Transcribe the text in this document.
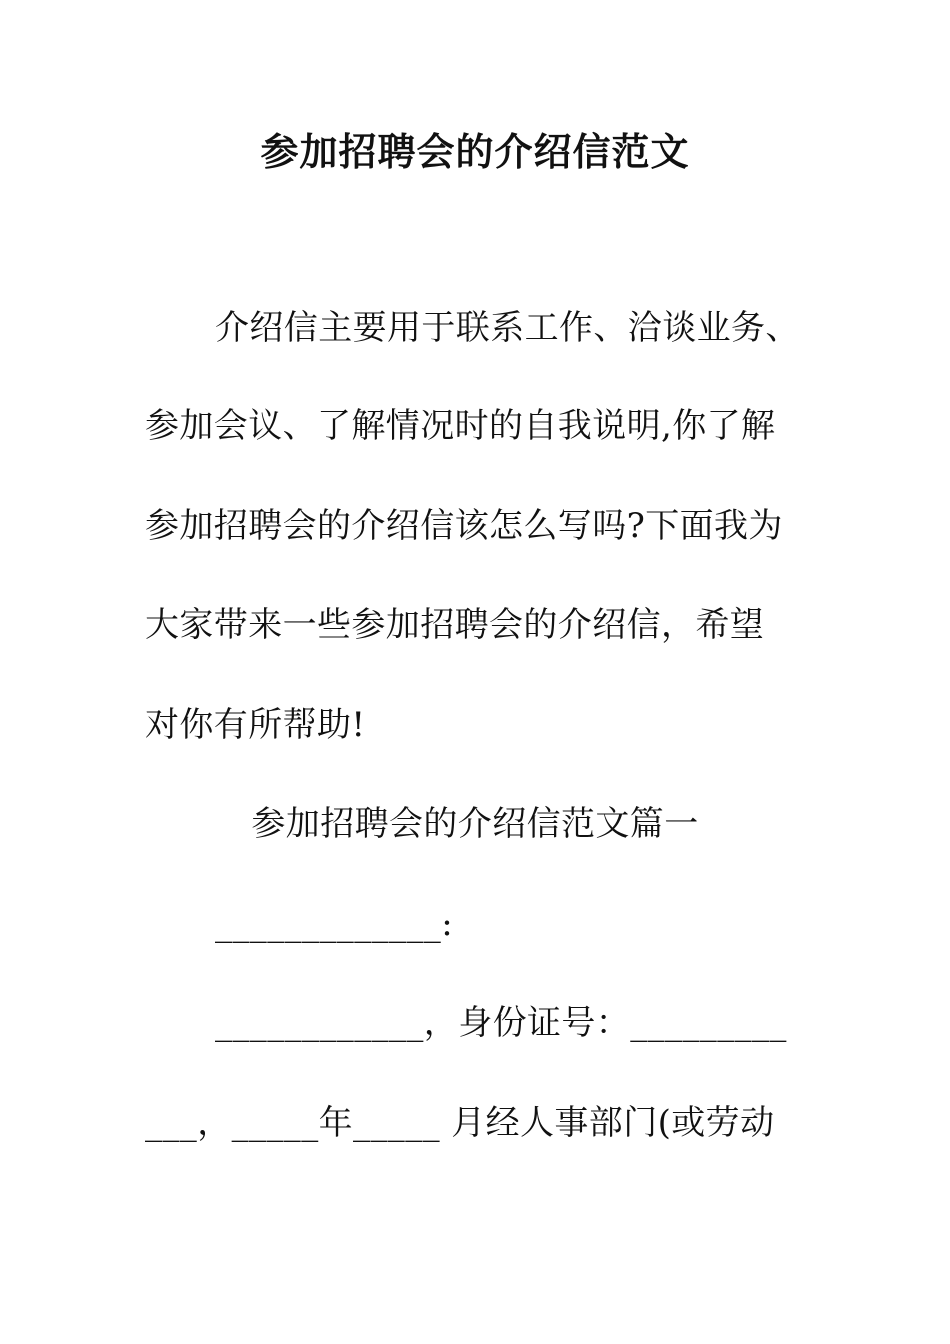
参加招聘会的介绍信范文
介绍信主要用于联系工作、洽谈业务、
参加会议、了解情况时的自我说明,你了解
参加招聘会的介绍信该怎么写吗?下面我为
大家带来一些参加招聘会的介绍信，希望
对你有所帮助!
参加招聘会的介绍信范文篇一
_____________:
____________，身份证号：_________
___，_____年_____ 月经人事部门(或劳动
